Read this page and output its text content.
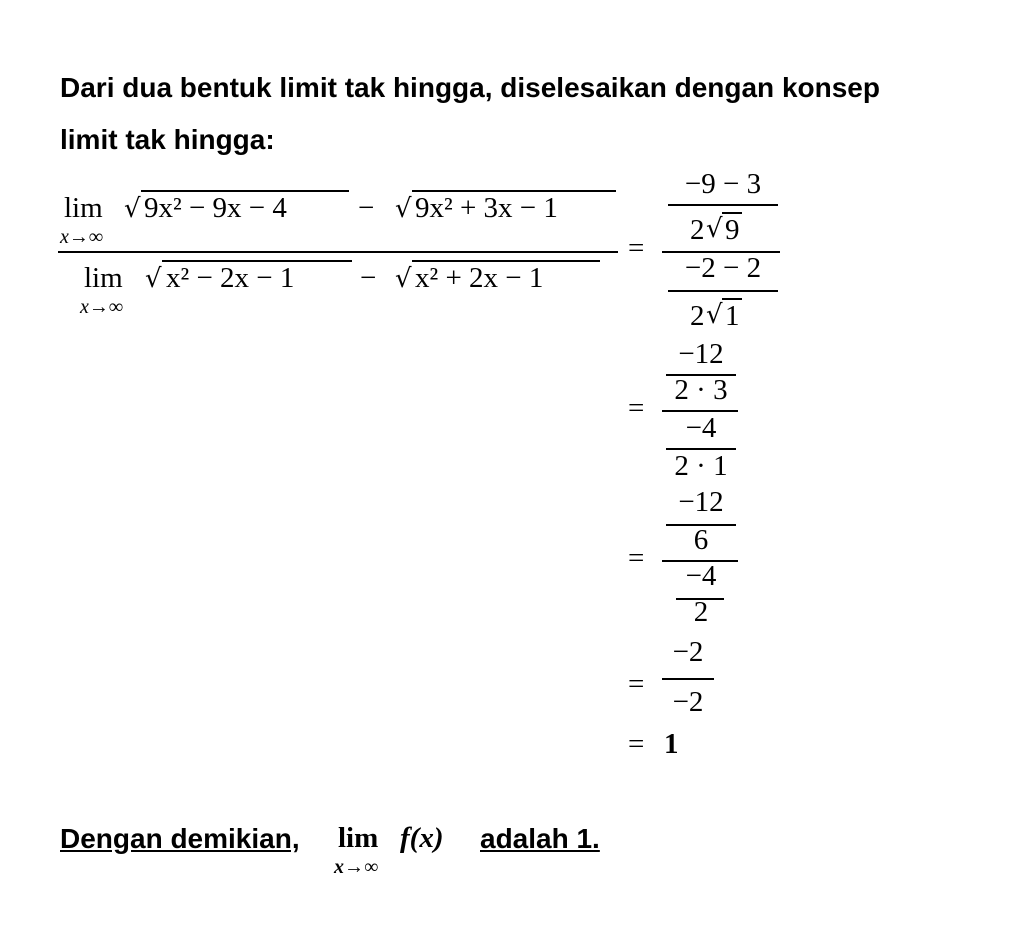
Dari dua bentuk limit tak hingga, diselesaikan dengan konsep
limit tak hingga:
lim
x→∞
√ 9x² − 9x − 4 − √ 9x² + 3x − 1
lim
x→∞
√ x² − 2x − 1 − √ x² + 2x − 1
=
−9 − 3
2 √ 9
−2 − 2
2 √ 1
=
−12
2 · 3
−4
2 · 1
=
−12
6
−4
2
=
−2
−2
= 1
Dengan demikian, lim
x→∞
f(x) adalah 1.
